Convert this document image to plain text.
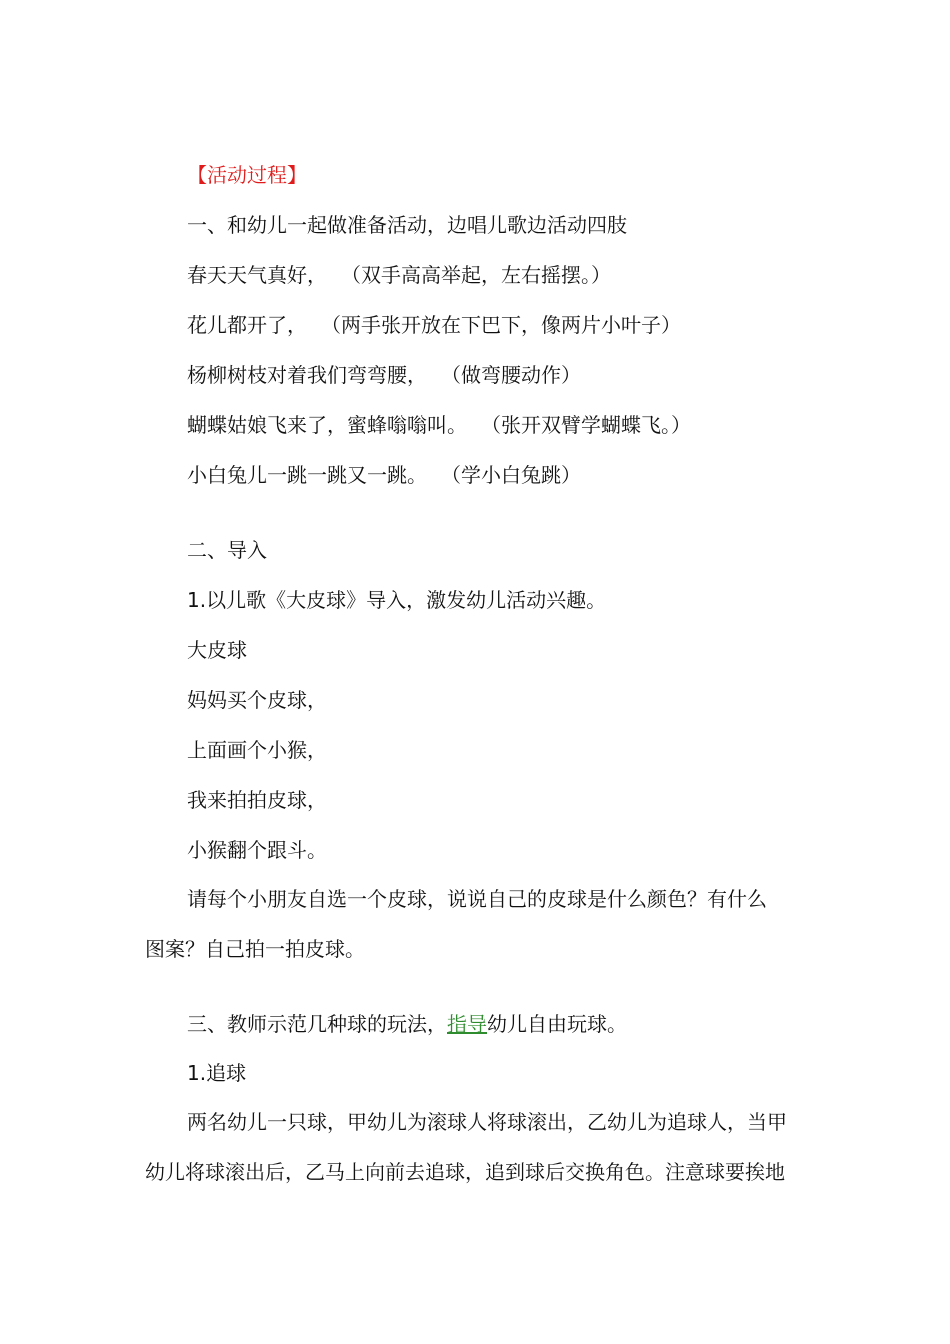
【活动过程】
一、和幼儿一起做准备活动，边唱儿歌边活动四肢
春天天气真好， （双手高高举起，左右摇摆。）
花儿都开了， （两手张开放在下巴下，像两片小叶子）
杨柳树枝对着我们弯弯腰， （做弯腰动作）
蝴蝶姑娘飞来了，蜜蜂嗡嗡叫。 （张开双臂学蝴蝶飞。）
小白兔儿一跳一跳又一跳。 （学小白兔跳）
二、导入
1.以儿歌《大皮球》导入，激发幼儿活动兴趣。
大皮球
妈妈买个皮球，
上面画个小猴，
我来拍拍皮球，
小猴翻个跟斗。
请每个小朋友自选一个皮球，说说自己的皮球是什么颜色？有什么
图案？自己拍一拍皮球。
三、教师示范几种球的玩法，指导幼儿自由玩球。
1.追球
两名幼儿一只球，甲幼儿为滚球人将球滚出，乙幼儿为追球人，当甲
幼儿将球滚出后，乙马上向前去追球，追到球后交换角色。注意球要挨地
